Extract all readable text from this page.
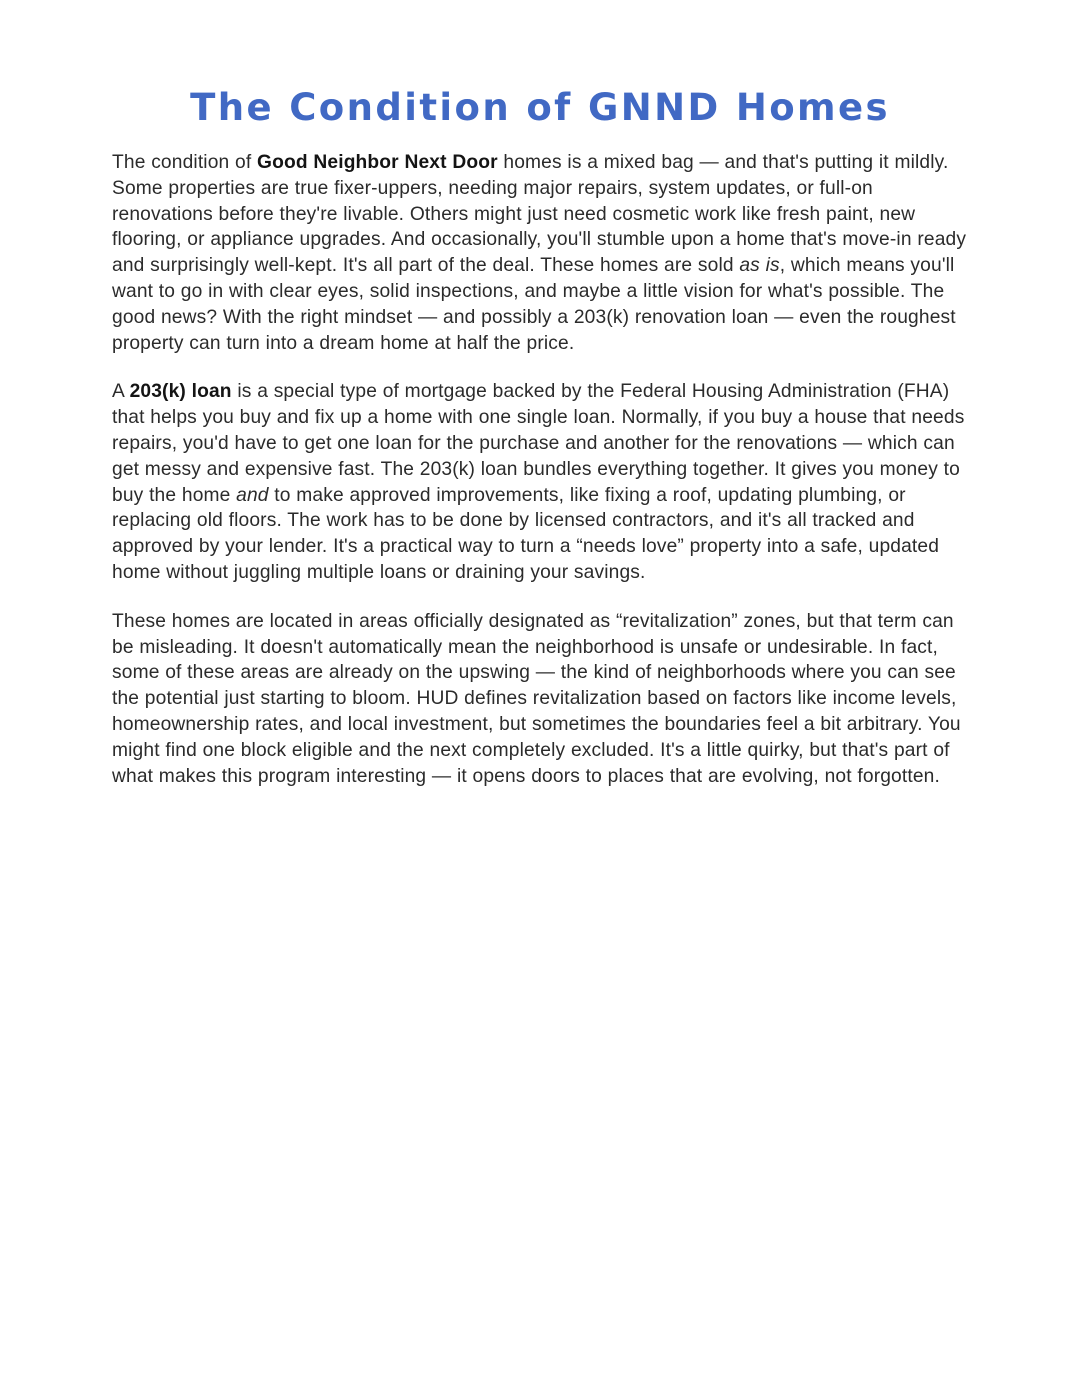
The Condition of GNND Homes

The condition of Good Neighbor Next Door homes is a mixed bag — and that's putting it mildly. Some properties are true fixer-uppers, needing major repairs, system updates, or full-on renovations before they're livable. Others might just need cosmetic work like fresh paint, new flooring, or appliance upgrades. And occasionally, you'll stumble upon a home that's move-in ready and surprisingly well-kept. It's all part of the deal. These homes are sold as is, which means you'll want to go in with clear eyes, solid inspections, and maybe a little vision for what's possible. The good news? With the right mindset — and possibly a 203(k) renovation loan — even the roughest property can turn into a dream home at half the price.

A 203(k) loan is a special type of mortgage backed by the Federal Housing Administration (FHA) that helps you buy and fix up a home with one single loan. Normally, if you buy a house that needs repairs, you'd have to get one loan for the purchase and another for the renovations — which can get messy and expensive fast. The 203(k) loan bundles everything together. It gives you money to buy the home and to make approved improvements, like fixing a roof, updating plumbing, or replacing old floors. The work has to be done by licensed contractors, and it's all tracked and approved by your lender. It's a practical way to turn a “needs love” property into a safe, updated home without juggling multiple loans or draining your savings.

These homes are located in areas officially designated as “revitalization” zones, but that term can be misleading. It doesn't automatically mean the neighborhood is unsafe or undesirable. In fact, some of these areas are already on the upswing — the kind of neighborhoods where you can see the potential just starting to bloom. HUD defines revitalization based on factors like income levels, homeownership rates, and local investment, but sometimes the boundaries feel a bit arbitrary. You might find one block eligible and the next completely excluded. It's a little quirky, but that's part of what makes this program interesting — it opens doors to places that are evolving, not forgotten.
